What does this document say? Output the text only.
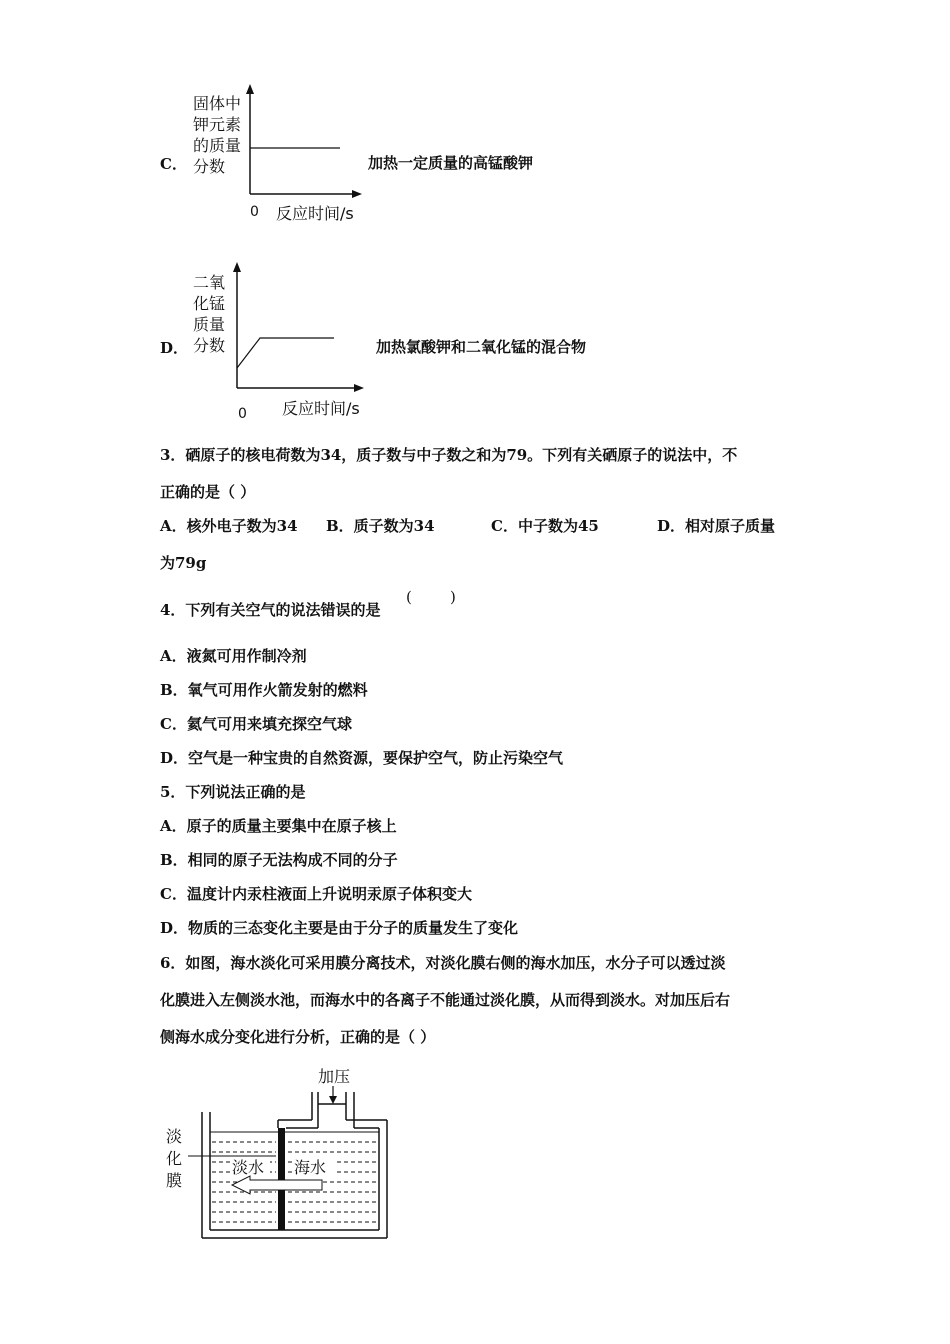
C．
固体中
钾元素
的质量
分数
0 反应时间/s
加热一定质量的高锰酸钾
D．
二氧
化锰
质量
分数
0 反应时间/s
加热氯酸钾和二氧化锰的混合物
3．硒原子的核电荷数为34，质子数与中子数之和为79。下列有关硒原子的说法中，不
正确的是（ ）
A．核外电子数为34 B．质子数为34	C．中子数为45	D．相对原子质量
为79g
4．下列有关空气的说法错误的是
(        )
A．液氮可用作制冷剂
B．氧气可用作火箭发射的燃料
C．氦气可用来填充探空气球
D．空气是一种宝贵的自然资源，要保护空气，防止污染空气
5．下列说法正确的是
A．原子的质量主要集中在原子核上
B．相同的原子无法构成不同的分子
C．温度计内汞柱液面上升说明汞原子体积变大
D．物质的三态变化主要是由于分子的质量发生了变化
6．如图，海水淡化可采用膜分离技术，对淡化膜右侧的海水加压，水分子可以透过淡
化膜进入左侧淡水池，而海水中的各离子不能通过淡化膜，从而得到淡水。对加压后右
侧海水成分变化进行分析，正确的是（ ）
加压
淡
化
膜
淡水 海水
